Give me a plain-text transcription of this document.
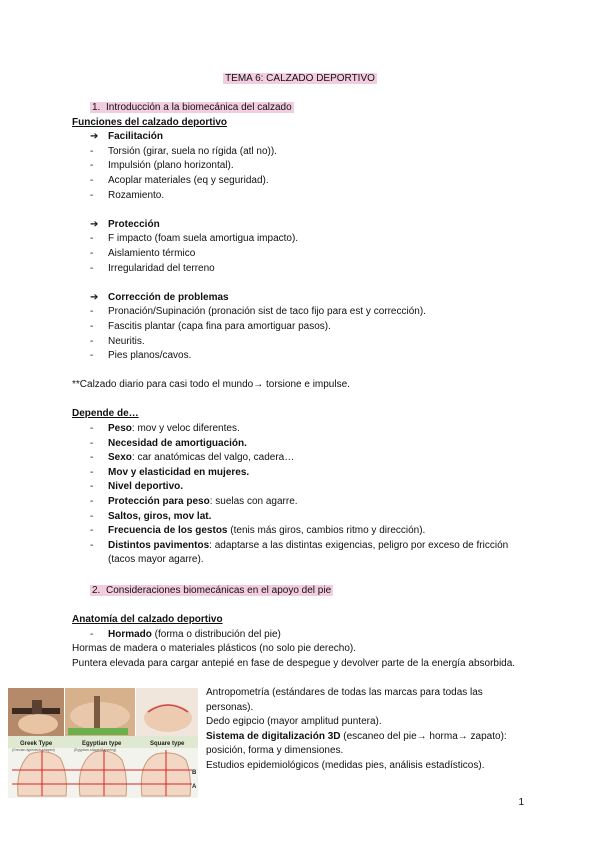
TEMA 6: CALZADO DEPORTIVO
1. Introducción a la biomecánica del calzado
Funciones del calzado deportivo
➔ Facilitación
- Torsión (girar, suela no rígida (atl no)).
- Impulsión (plano horizontal).
- Acoplar materiales (eq y seguridad).
- Rozamiento.
➔ Protección
- F impacto (foam suela amortigua impacto).
- Aislamiento térmico
- Irregularidad del terreno
➔ Corrección de problemas
- Pronación/Supinación (pronación sist de taco fijo para est y corrección).
- Fascitis plantar (capa fina para amortiguar pasos).
- Neuritis.
- Pies planos/cavos.
**Calzado diario para casi todo el mundo→ torsione e impulse.
Depende de…
- Peso: mov y veloc diferentes.
- Necesidad de amortiguación.
- Sexo: car anatómicas del valgo, cadera…
- Mov y elasticidad en mujeres.
- Nivel deportivo.
- Protección para peso: suelas con agarre.
- Saltos, giros, mov lat.
- Frecuencia de los gestos (tenis más giros, cambios ritmo y dirección).
- Distintos pavimentos: adaptarse a las distintas exigencias, peligro por exceso de fricción (tacos mayor agarre).
2. Consideraciones biomecánicas en el apoyo del pie
Anatomía del calzado deportivo
- Hormado (forma o distribución del pie)
Hormas de madera o materiales plásticos (no solo pie derecho).
Puntera elevada para cargar antepié en fase de despegue y devolver parte de la energía absorbida.
Greek Type	Egyptian type	Square type
(Grecian-type/arch-shaped)	(Egyptian-shaped/tapering)
B
A
Antropometría (estándares de todas las marcas para todas las personas).
Dedo egipcio (mayor amplitud puntera).
Sistema de digitalización 3D (escaneo del pie→ horma→ zapato): posición, forma y dimensiones.
Estudios epidemiológicos (medidas pies, análisis estadísticos).
1
